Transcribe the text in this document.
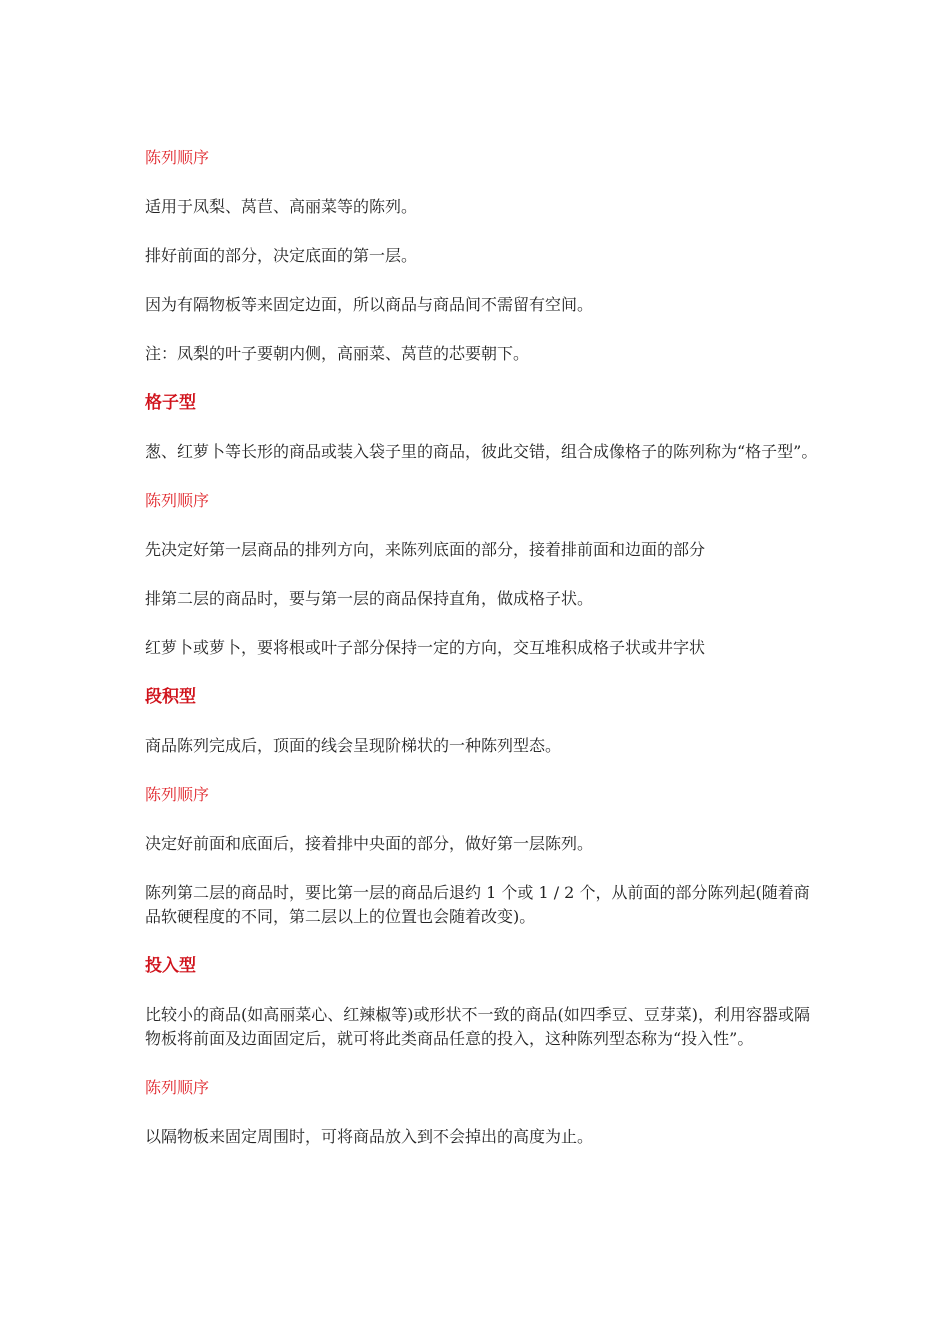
陈列顺序

适用于凤梨、莴苣、高丽菜等的陈列。

排好前面的部分，决定底面的第一层。

因为有隔物板等来固定边面，所以商品与商品间不需留有空间。

注：凤梨的叶子要朝内侧，高丽菜、莴苣的芯要朝下。

格子型

葱、红萝卜等长形的商品或装入袋子里的商品，彼此交错，组合成像格子的陈列称为“格子型”。

陈列顺序

先决定好第一层商品的排列方向，来陈列底面的部分，接着排前面和边面的部分

排第二层的商品时，要与第一层的商品保持直角，做成格子状。

红萝卜或萝卜，要将根或叶子部分保持一定的方向，交互堆积成格子状或井字状

段积型

商品陈列完成后，顶面的线会呈现阶梯状的一种陈列型态。

陈列顺序

决定好前面和底面后，接着排中央面的部分，做好第一层陈列。

陈列第二层的商品时，要比第一层的商品后退约 1 个或 1 / 2 个，从前面的部分陈列起(随着商品软硬程度的不同，第二层以上的位置也会随着改变)。

投入型

比较小的商品(如高丽菜心、红辣椒等)或形状不一致的商品(如四季豆、豆芽菜)，利用容器或隔物板将前面及边面固定后，就可将此类商品任意的投入，这种陈列型态称为“投入性”。

陈列顺序

以隔物板来固定周围时，可将商品放入到不会掉出的高度为止。
